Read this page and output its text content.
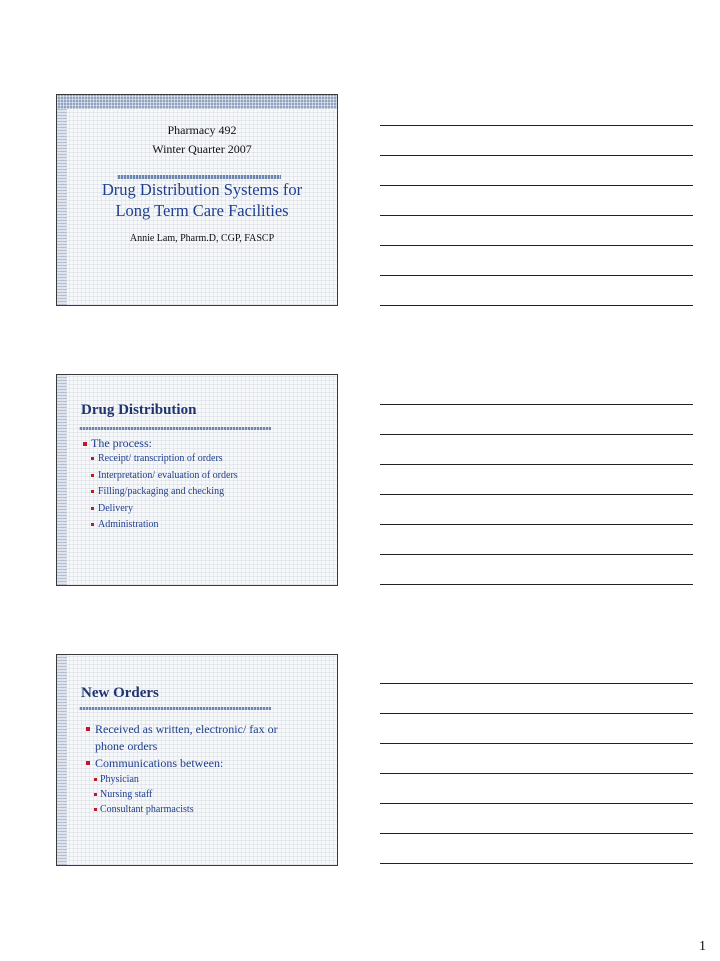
Pharmacy 492
Winter Quarter 2007
Drug Distribution Systems for
Long Term Care Facilities
Annie Lam, Pharm.D, CGP, FASCP
Drug Distribution
The process:
Receipt/ transcription of orders
Interpretation/ evaluation of orders
Filling/packaging and checking
Delivery
Administration
New Orders
Received as written, electronic/ fax or
phone orders
Communications between:
Physician
Nursing staff
Consultant pharmacists
1
